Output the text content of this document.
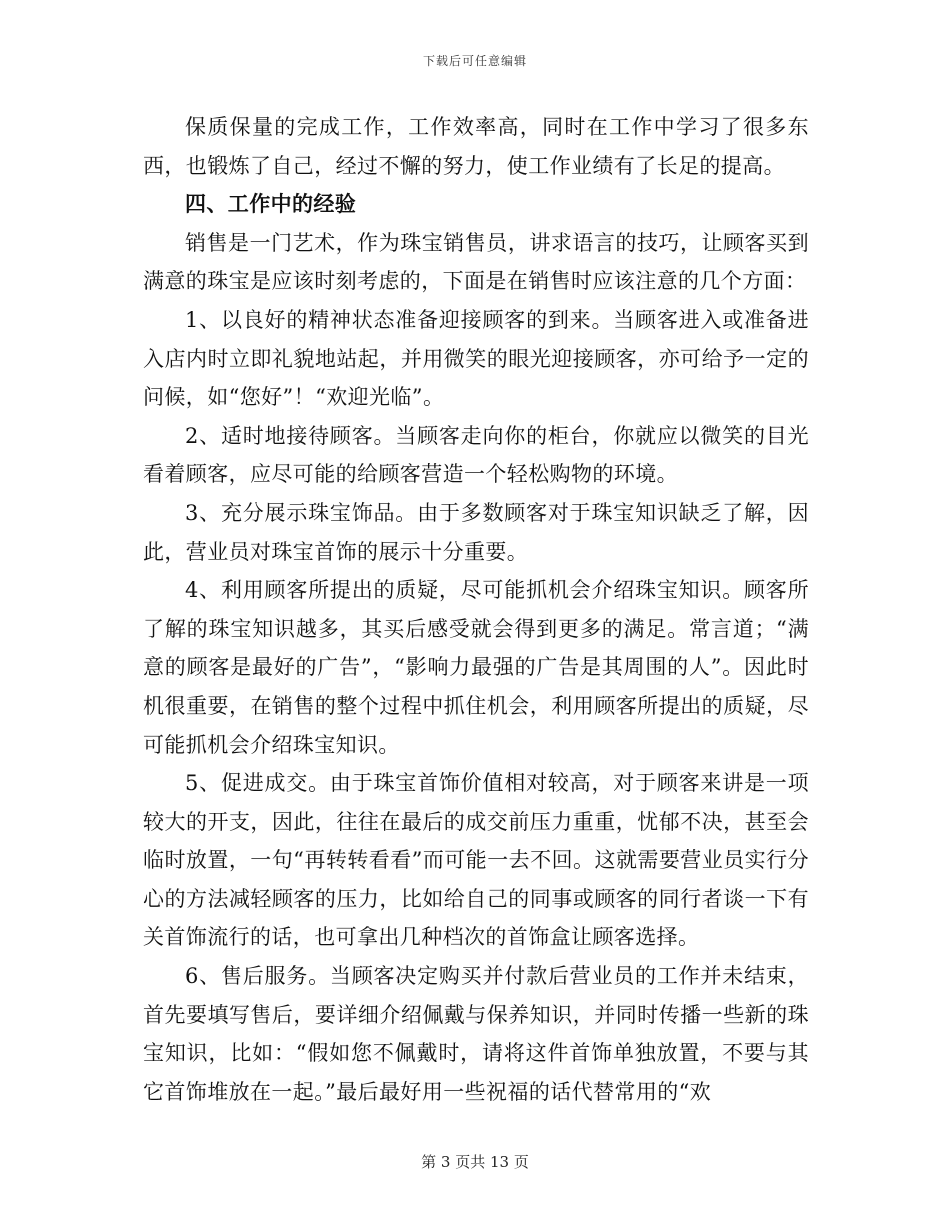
下载后可任意编辑

保质保量的完成工作，工作效率高，同时在工作中学习了很多东西，也锻炼了自己，经过不懈的努力，使工作业绩有了长足的提高。

四、工作中的经验

销售是一门艺术，作为珠宝销售员，讲求语言的技巧，让顾客买到满意的珠宝是应该时刻考虑的，下面是在销售时应该注意的几个方面：

1、以良好的精神状态准备迎接顾客的到来。当顾客进入或准备进入店内时立即礼貌地站起，并用微笑的眼光迎接顾客，亦可给予一定的问候，如“您好”！“欢迎光临”。

2、适时地接待顾客。当顾客走向你的柜台，你就应以微笑的目光看着顾客，应尽可能的给顾客营造一个轻松购物的环境。

3、充分展示珠宝饰品。由于多数顾客对于珠宝知识缺乏了解，因此，营业员对珠宝首饰的展示十分重要。

4、利用顾客所提出的质疑，尽可能抓机会介绍珠宝知识。顾客所了解的珠宝知识越多，其买后感受就会得到更多的满足。常言道；“满意的顾客是最好的广告”，“影响力最强的广告是其周围的人”。因此时机很重要，在销售的整个过程中抓住机会，利用顾客所提出的质疑，尽可能抓机会介绍珠宝知识。

5、促进成交。由于珠宝首饰价值相对较高，对于顾客来讲是一项较大的开支，因此，往往在最后的成交前压力重重，忧郁不决，甚至会临时放置，一句“再转转看看”而可能一去不回。这就需要营业员实行分心的方法减轻顾客的压力，比如给自己的同事或顾客的同行者谈一下有关首饰流行的话，也可拿出几种档次的首饰盒让顾客选择。

6、售后服务。当顾客决定购买并付款后营业员的工作并未结束，首先要填写售后，要详细介绍佩戴与保养知识，并同时传播一些新的珠宝知识，比如：“假如您不佩戴时，请将这件首饰单独放置，不要与其它首饰堆放在一起。”最后最好用一些祝福的话代替常用的“欢

第 3 页共 13 页
